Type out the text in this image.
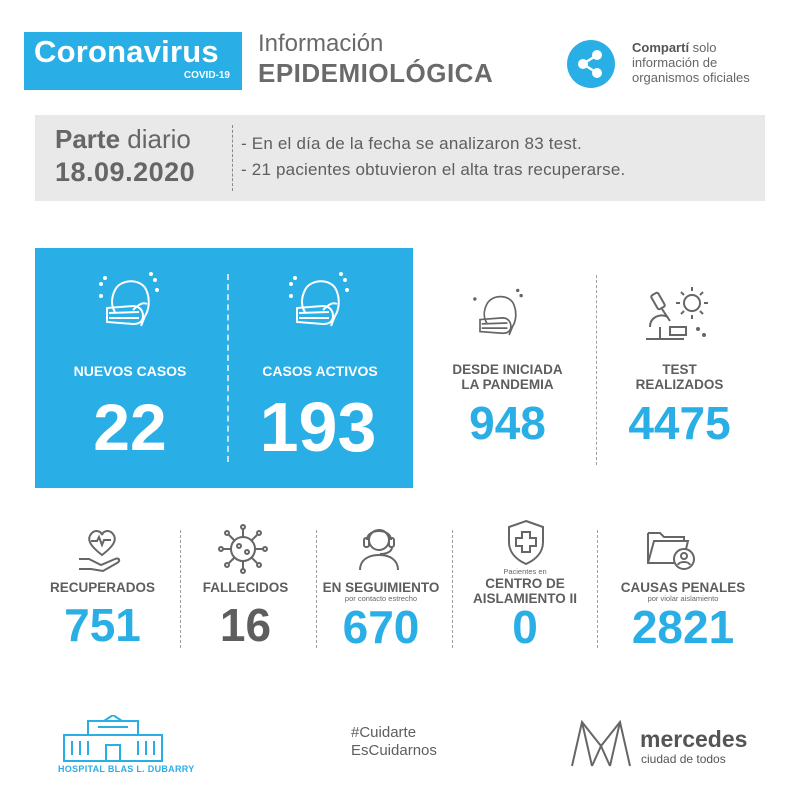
Coronavirus
COVID-19
Información
EPIDEMIOLÓGICA
Compartí solo
información de
organismos oficiales
Parte diario
18.09.2020
- En el día de la fecha se analizaron 83 test.
- 21 pacientes obtuvieron el alta tras recuperarse.
NUEVOS CASOS
22
CASOS ACTIVOS
193
DESDE INICIADA
LA PANDEMIA
948
TEST
REALIZADOS
4475
RECUPERADOS
751
FALLECIDOS
16
EN SEGUIMIENTO
por contacto estrecho
670
Pacientes en
CENTRO DE
AISLAMIENTO II
0
CAUSAS PENALES
por violar aislamiento
2821
HOSPITAL BLAS L. DUBARRY
#Cuidarte
EsCuidarnos	mercedes
ciudad de todos
